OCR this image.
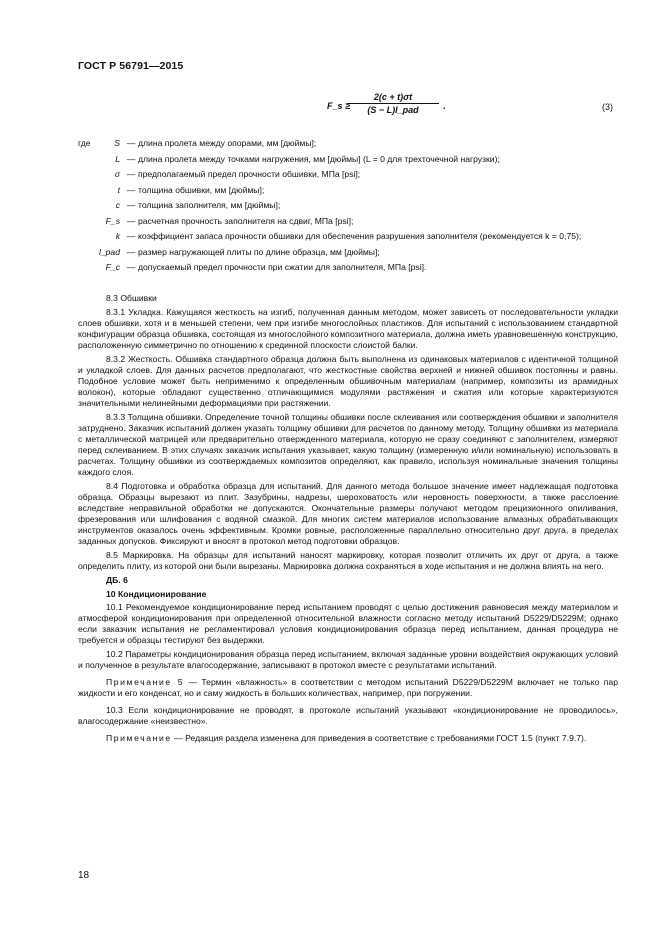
ГОСТ Р 56791—2015
F_s ≥
2(c + t)σt
(S − L)l_pad	.	(3)
где	S — длина пролета между опорами, мм [дюймы];
L — длина пролета между точками нагружения, мм [дюймы] (L = 0 для трехточечной нагрузки);
σ — предполагаемый предел прочности обшивки, МПа [psi];
t — толщина обшивки, мм [дюймы];
c — толщина заполнителя, мм [дюймы];
F_s — расчетная прочность заполнителя на сдвиг, МПа [psi];
k — коэффициент запаса прочности обшивки для обеспечения разрушения заполнителя (рекомендуется k = 0,75);
l_pad — размер нагружающей плиты по длине образца, мм [дюймы];
F_c — допускаемый предел прочности при сжатии для заполнителя, МПа [psi].

8.3 Обшивки

8.3.1 Укладка. Кажущаяся жесткость на изгиб, полученная данным методом, может зависеть от последовательности укладки слоев обшивки, хотя и в меньшей степени, чем при изгибе многослойных пластиков. Для испытаний с использованием стандартной конфигурации образца обшивка, состоящая из многослойного композитного материала, должна иметь уравновешенную конструкцию, расположенную симметрично по отношению к срединной плоскости слоистой балки.

8.3.2 Жесткость. Обшивка стандартного образца должна быть выполнена из одинаковых материалов с идентичной толщиной и укладкой слоев. Для данных расчетов предполагают, что жесткостные свойства верхней и нижней обшивок постоянны и равны. Подобное условие может быть неприменимо к определенным обшивочным материалам (например, композиты из арамидных волокон), которые обладают существенно отличающимися модулями растяжения и сжатия или которые характеризуются значительными нелинейными деформациями при растяжении.

8.3.3 Толщина обшивки. Определение точной толщины обшивки после склеивания или соотверждения обшивки и заполнителя затруднено. Заказчик испытаний должен указать толщину обшивки для расчетов по данному методу. Толщину обшивки из материала с металлической матрицей или предварительно отвержденного материала, которую не сразу соединяют с заполнителем, измеряют перед склеиванием. В этих случаях заказчик испытания указывает, какую толщину (измеренную и/или номинальную) использовать в расчетах. Толщину обшивки из соотверждаемых композитов определяют, как правило, используя номинальные значения толщины каждого слоя.

8.4 Подготовка и обработка образца для испытаний. Для данного метода большое значение имеет надлежащая подготовка образца. Образцы вырезают из плит. Зазубрины, надрезы, шероховатость или неровность поверхности, а также расслоение вследствие неправильной обработки не допускаются. Окончательные размеры получают методом прецизионного опиливания, фрезерования или шлифования с водяной смазкой. Для многих систем материалов использование алмазных обрабатывающих инструментов оказалось очень эффективным. Кромки ровные, расположенные параллельно относительно друг друга, в пределах заданных допусков. Фиксируют и вносят в протокол метод подготовки образцов.

8.5 Маркировка. На образцы для испытаний наносят маркировку, которая позволит отличить их друг от друга, а также определить плиту, из которой они были вырезаны. Маркировка должна сохраняться в ходе испытания и не должна влиять на него.

ДБ. 6
10 Кондиционирование

10.1 Рекомендуемое кондиционирование перед испытанием проводят с целью достижения равновесия между материалом и атмосферой кондиционирования при определенной относительной влажности согласно методу испытаний D5229/D5229M; однако если заказчик испытания не регламентировал условия кондиционирования образца перед испытанием, данная процедура не требуется и образцы тестируют без выдержки.

10.2 Параметры кондиционирования образца перед испытанием, включая заданные уровни воздействия окружающих условий и полученное в результате влагосодержание, записывают в протокол вместе с результатами испытаний.

Примечание 5 — Термин «влажность» в соответствии с методом испытаний D5229/D5229M включает не только пар жидкости и его конденсат, но и саму жидкость в больших количествах, например, при погружении.

10.3 Если кондиционирование не проводят, в протоколе испытаний указывают «кондиционирование не проводилось», влагосодержание «неизвестно».

Примечание — Редакция раздела изменена для приведения в соответствие с требованиями ГОСТ 1.5 (пункт 7.9.7).

18
